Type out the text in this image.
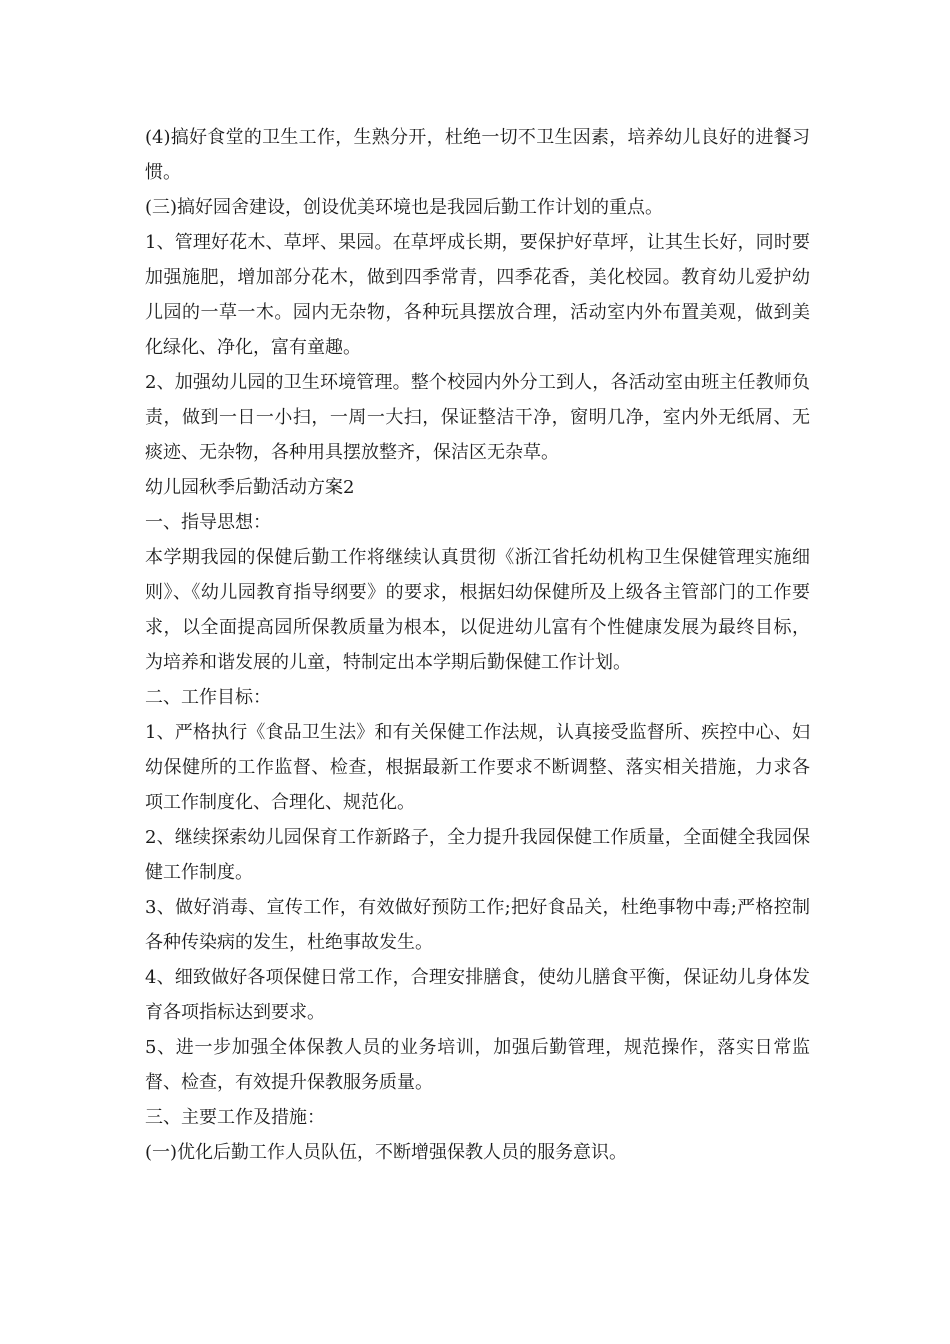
(4)搞好食堂的卫生工作，生熟分开，杜绝一切不卫生因素，培养幼儿良好的进餐习惯。

(三)搞好园舍建设，创设优美环境也是我园后勤工作计划的重点。

1、管理好花木、草坪、果园。在草坪成长期，要保护好草坪，让其生长好，同时要加强施肥，增加部分花木，做到四季常青，四季花香，美化校园。教育幼儿爱护幼儿园的一草一木。园内无杂物，各种玩具摆放合理，活动室内外布置美观，做到美化绿化、净化，富有童趣。

2、加强幼儿园的卫生环境管理。整个校园内外分工到人，各活动室由班主任教师负责，做到一日一小扫，一周一大扫，保证整洁干净，窗明几净，室内外无纸屑、无痰迹、无杂物，各种用具摆放整齐，保洁区无杂草。

幼儿园秋季后勤活动方案2

一、指导思想：

本学期我园的保健后勤工作将继续认真贯彻《浙江省托幼机构卫生保健管理实施细则》、《幼儿园教育指导纲要》的要求，根据妇幼保健所及上级各主管部门的工作要求，以全面提高园所保教质量为根本，以促进幼儿富有个性健康发展为最终目标，为培养和谐发展的儿童，特制定出本学期后勤保健工作计划。

二、工作目标：

1、严格执行《食品卫生法》和有关保健工作法规，认真接受监督所、疾控中心、妇幼保健所的工作监督、检查，根据最新工作要求不断调整、落实相关措施，力求各项工作制度化、合理化、规范化。

2、继续探索幼儿园保育工作新路子，全力提升我园保健工作质量，全面健全我园保健工作制度。

3、做好消毒、宣传工作，有效做好预防工作;把好食品关，杜绝事物中毒;严格控制各种传染病的发生，杜绝事故发生。

4、细致做好各项保健日常工作，合理安排膳食，使幼儿膳食平衡，保证幼儿身体发育各项指标达到要求。

5、进一步加强全体保教人员的业务培训，加强后勤管理，规范操作，落实日常监督、检查，有效提升保教服务质量。

三、主要工作及措施：

(一)优化后勤工作人员队伍，不断增强保教人员的服务意识。
